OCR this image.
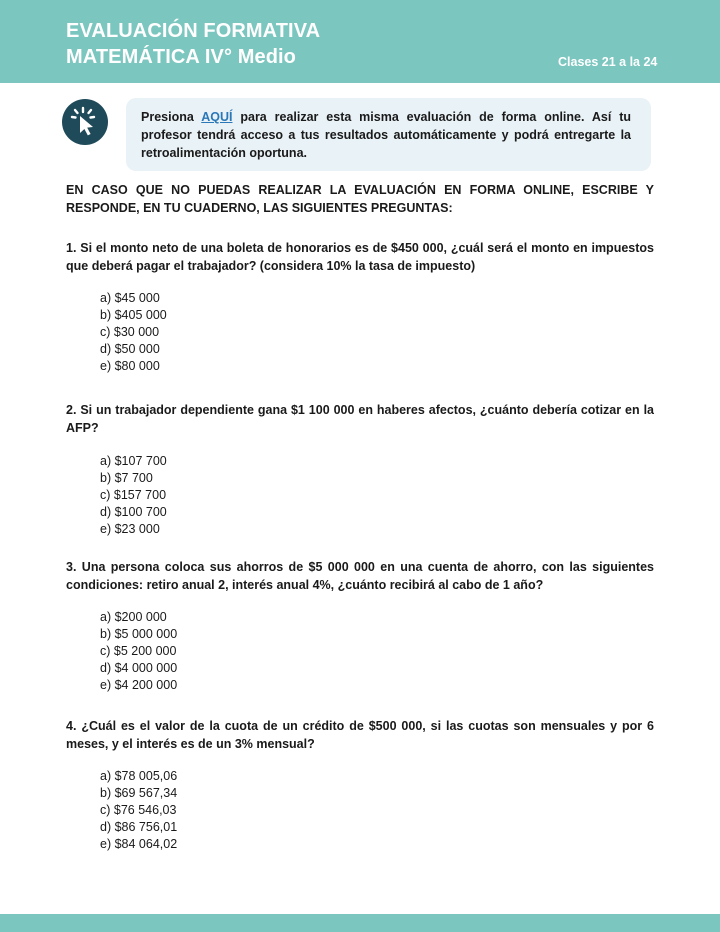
EVALUACIÓN FORMATIVA
MATEMÁTICA IV° Medio	Clases 21 a la 24
Presiona AQUÍ para realizar esta misma evaluación de forma online. Así tu profesor tendrá acceso a tus resultados automáticamente y podrá entregarte la retroalimentación oportuna.
EN CASO QUE NO PUEDAS REALIZAR LA EVALUACIÓN EN FORMA ONLINE, ESCRIBE Y RESPONDE, EN TU CUADERNO, LAS SIGUIENTES PREGUNTAS:
1. Si el monto neto de una boleta de honorarios es de $450 000, ¿cuál será el monto en impuestos que deberá pagar el trabajador? (considera 10% la tasa de impuesto)
a) $45 000
b) $405 000
c) $30 000
d) $50 000
e) $80 000
2. Si un trabajador dependiente gana $1 100 000 en haberes afectos, ¿cuánto debería cotizar en la AFP?
a) $107 700
b) $7 700
c) $157 700
d) $100 700
e) $23 000
3. Una persona coloca sus ahorros de $5 000 000 en una cuenta de ahorro, con las siguientes condiciones: retiro anual 2, interés anual 4%, ¿cuánto recibirá al cabo de 1 año?
a) $200 000
b) $5 000 000
c) $5 200 000
d) $4 000 000
e) $4 200 000
4. ¿Cuál es el valor de la cuota de un crédito de $500 000, si las cuotas son mensuales y por 6 meses, y el interés es de un 3% mensual?
a) $78 005,06
b) $69 567,34
c) $76 546,03
d) $86 756,01
e) $84 064,02
